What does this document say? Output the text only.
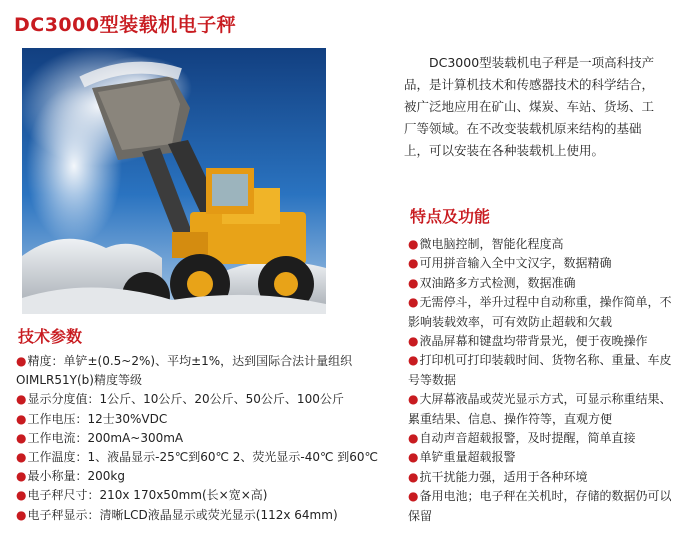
DC3000型装载机电子秤
DC3000型装载机电子秤是一项高科技产品，是计算机技术和传感器技术的科学结合，被广泛地应用在矿山、煤炭、车站、货场、工厂等领域。在不改变装载机原来结构的基础上，可以安装在各种装载机上使用。
技术参数
●精度：单铲±(0.5~2%)、平均±1%，达到国际合法计量组织OIMLR51Y(b)精度等级
●显示分度值：1公斤、10公斤、20公斤、50公斤、100公斤
●工作电压：12士30%VDC
●工作电流：200mA~300mA
●工作温度：1、液晶显示-25℃到60℃ 2、荧光显示-40℃ 到60℃
●最小称量：200kg
●电子秤尺寸：210x 170x50mm(长×宽×高)
●电子秤显示：清晰LCD液晶显示或荧光显示(112x 64mm)
特点及功能
●微电脑控制，智能化程度高
●可用拼音输入全中文汉字，数据精确
●双油路多方式检测，数据准确
●无需停斗，举升过程中自动称重，操作简单，不影响装载效率，可有效防止超载和欠载
●液晶屏幕和键盘均带背景光，便于夜晚操作
●打印机可打印装载时间、货物名称、重量、车皮号等数据
●大屏幕液晶或荧光显示方式，可显示称重结果、累重结果、信息、操作符等，直观方便
●自动声音超载报警，及时提醒，简单直接
●单铲重量超载报警
●抗干扰能力强，适用于各种环境
●备用电池；电子秤在关机时，存储的数据仍可以保留
